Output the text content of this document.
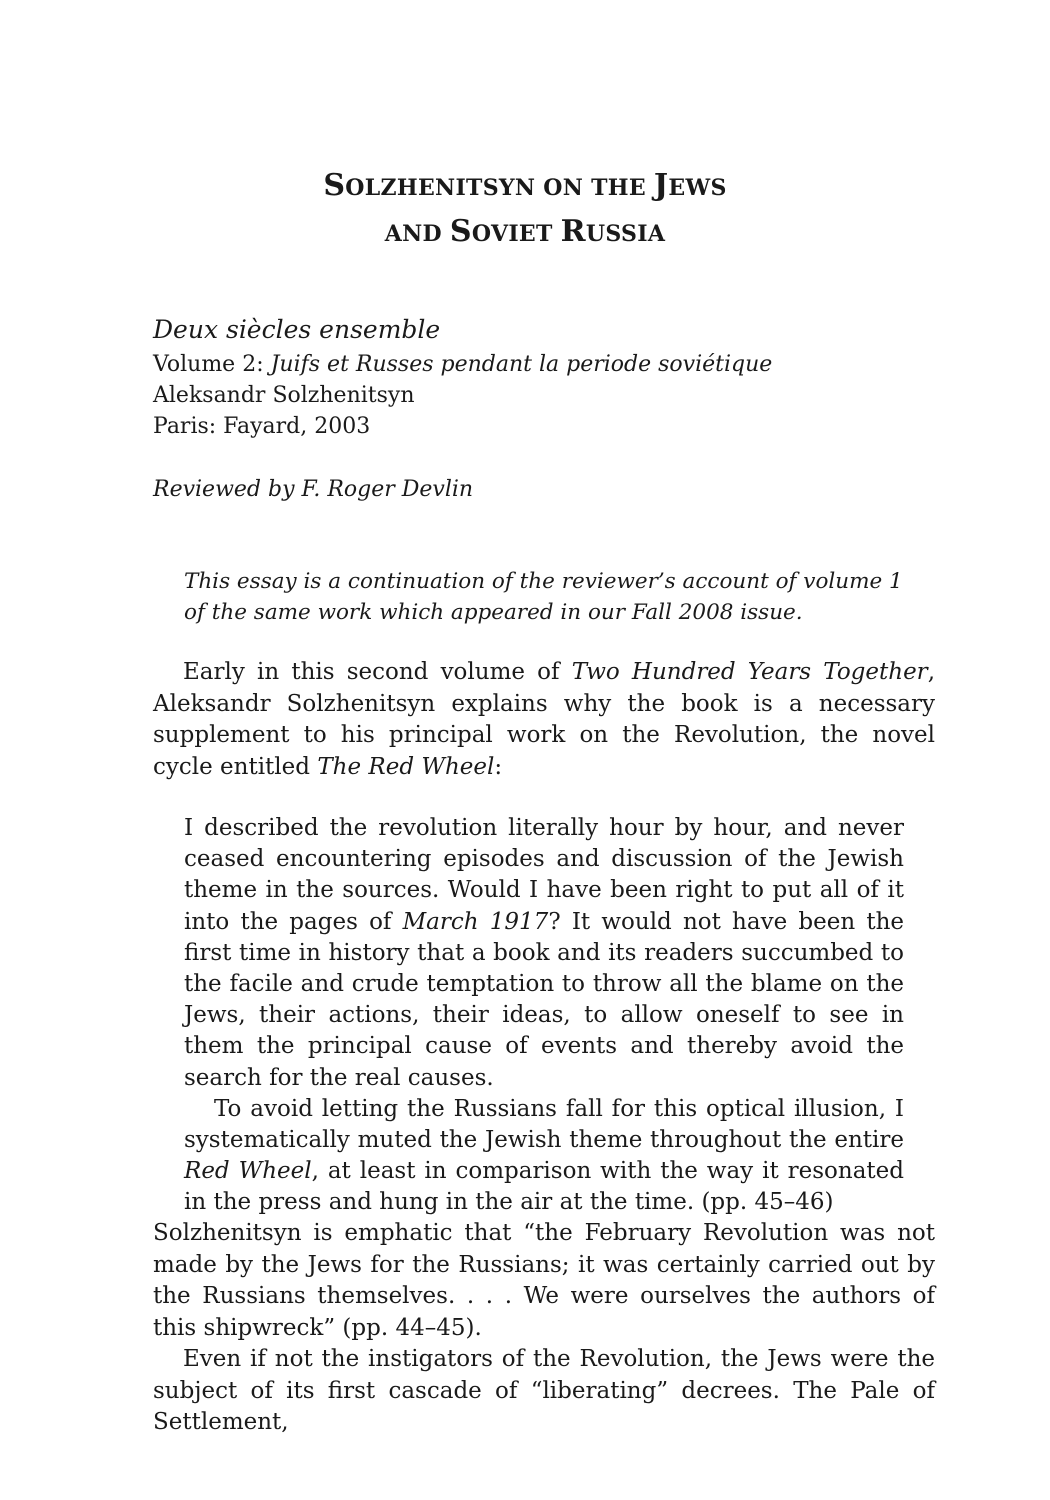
SOLZHENITSYN ON THE JEWS
AND SOVIET RUSSIA
Deux siècles ensemble
Volume 2: Juifs et Russes pendant la periode soviétique
Aleksandr Solzhenitsyn
Paris: Fayard, 2003
Reviewed by F. Roger Devlin
This essay is a continuation of the reviewer’s account of volume 1 of the same work which appeared in our Fall 2008 issue.
Early in this second volume of Two Hundred Years Together, Aleksandr Solzhenitsyn explains why the book is a necessary supplement to his principal work on the Revolution, the novel cycle entitled The Red Wheel:

I described the revolution literally hour by hour, and never ceased encountering episodes and discussion of the Jewish theme in the sources. Would I have been right to put all of it into the pages of March 1917? It would not have been the first time in history that a book and its readers succumbed to the facile and crude temptation to throw all the blame on the Jews, their actions, their ideas, to allow oneself to see in them the principal cause of events and thereby avoid the search for the real causes.

To avoid letting the Russians fall for this optical illusion, I systematically muted the Jewish theme throughout the entire Red Wheel, at least in comparison with the way it resonated in the press and hung in the air at the time. (pp. 45–46)

Solzhenitsyn is emphatic that “the February Revolution was not made by the Jews for the Russians; it was certainly carried out by the Russians themselves. . . . We were ourselves the authors of this shipwreck” (pp. 44–45).
Even if not the instigators of the Revolution, the Jews were the subject of its first cascade of “liberating” decrees. The Pale of Settlement,
